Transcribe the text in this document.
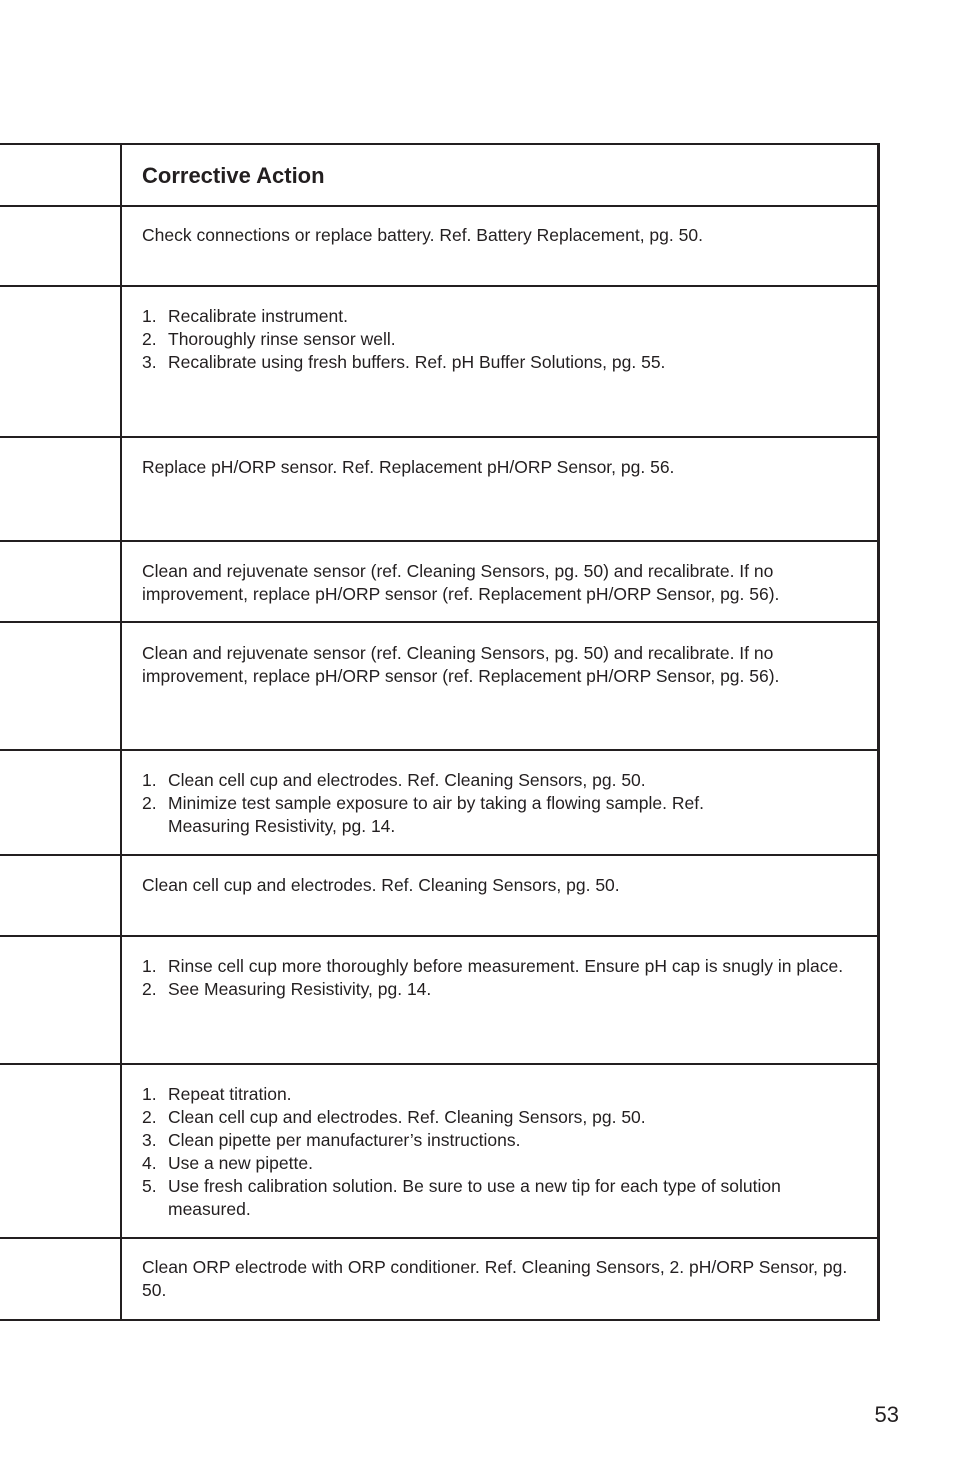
Corrective Action
Check connections or replace battery. Ref. Battery Replacement, pg. 50.
1. Recalibrate instrument.
2. Thoroughly rinse sensor well.
3. Recalibrate using fresh buffers. Ref. pH Buffer Solutions, pg. 55.
Replace pH/ORP sensor. Ref. Replacement pH/ORP Sensor, pg. 56.
Clean and rejuvenate sensor (ref. Cleaning Sensors, pg. 50) and recalibrate. If no improvement, replace pH/ORP sensor (ref. Replacement pH/ORP Sensor, pg. 56).
Clean and rejuvenate sensor (ref. Cleaning Sensors, pg. 50) and recalibrate. If no improvement, replace pH/ORP sensor (ref. Replacement pH/ORP Sensor, pg. 56).
1. Clean cell cup and electrodes. Ref. Cleaning Sensors, pg. 50.
2. Minimize test sample exposure to air by taking a flowing sample. Ref. Measuring Resistivity, pg. 14.
Clean cell cup and electrodes. Ref. Cleaning Sensors, pg. 50.
1. Rinse cell cup more thoroughly before measurement. Ensure pH cap is snugly in place.
2. See Measuring Resistivity, pg. 14.
1. Repeat titration.
2. Clean cell cup and electrodes. Ref. Cleaning Sensors, pg. 50.
3. Clean pipette per manufacturer’s instructions.
4. Use a new pipette.
5. Use fresh calibration solution. Be sure to use a new tip for each type of solution measured.
Clean ORP electrode with ORP conditioner. Ref. Cleaning Sensors, 2. pH/ORP Sensor, pg. 50.
53
